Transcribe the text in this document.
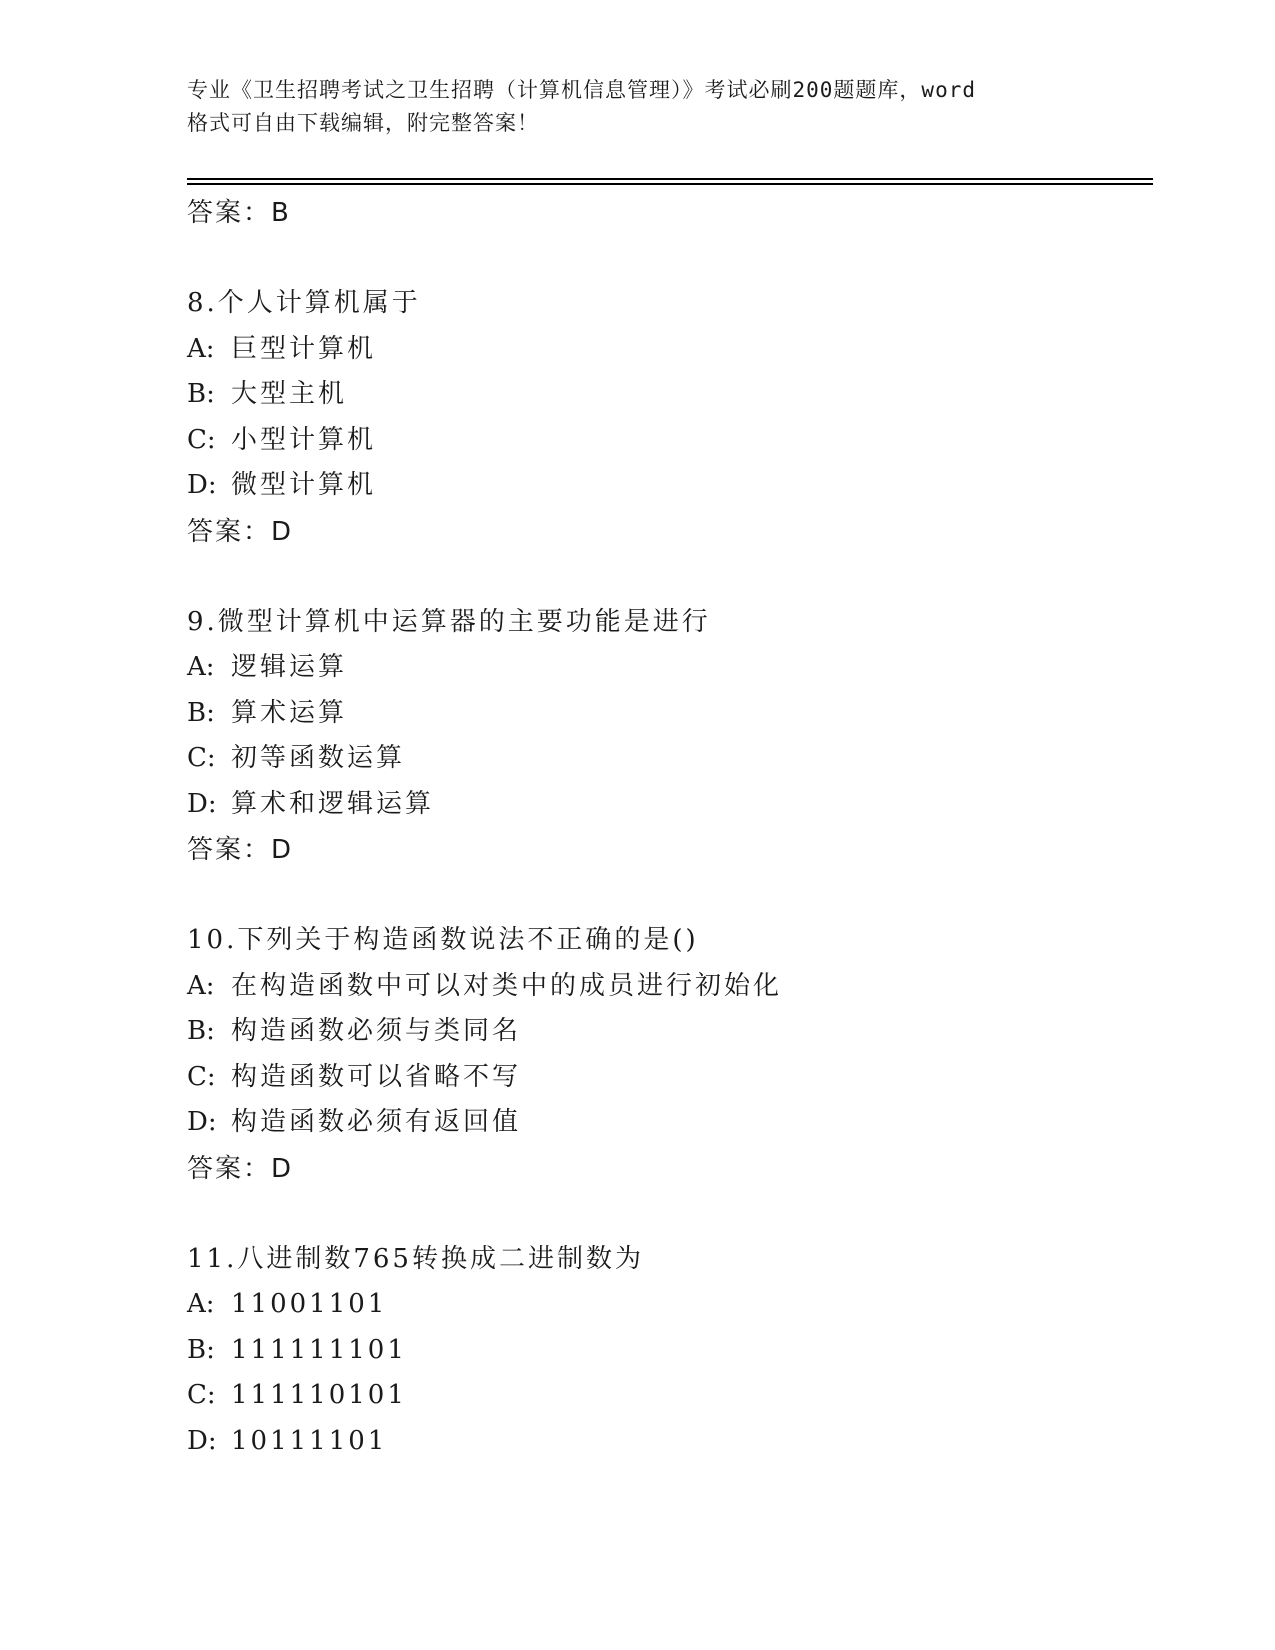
专业《卫生招聘考试之卫生招聘（计算机信息管理）》考试必刷200题题库，word
格式可自由下载编辑，附完整答案！
答案：B
8.个人计算机属于
A: 巨型计算机
B: 大型主机
C: 小型计算机
D: 微型计算机
答案：D
9.微型计算机中运算器的主要功能是进行
A: 逻辑运算
B: 算术运算
C: 初等函数运算
D: 算术和逻辑运算
答案：D
10.下列关于构造函数说法不正确的是()
A: 在构造函数中可以对类中的成员进行初始化
B: 构造函数必须与类同名
C: 构造函数可以省略不写
D: 构造函数必须有返回值
答案：D
11.八进制数765转换成二进制数为
A: 11001101
B: 111111101
C: 111110101
D: 10111101
